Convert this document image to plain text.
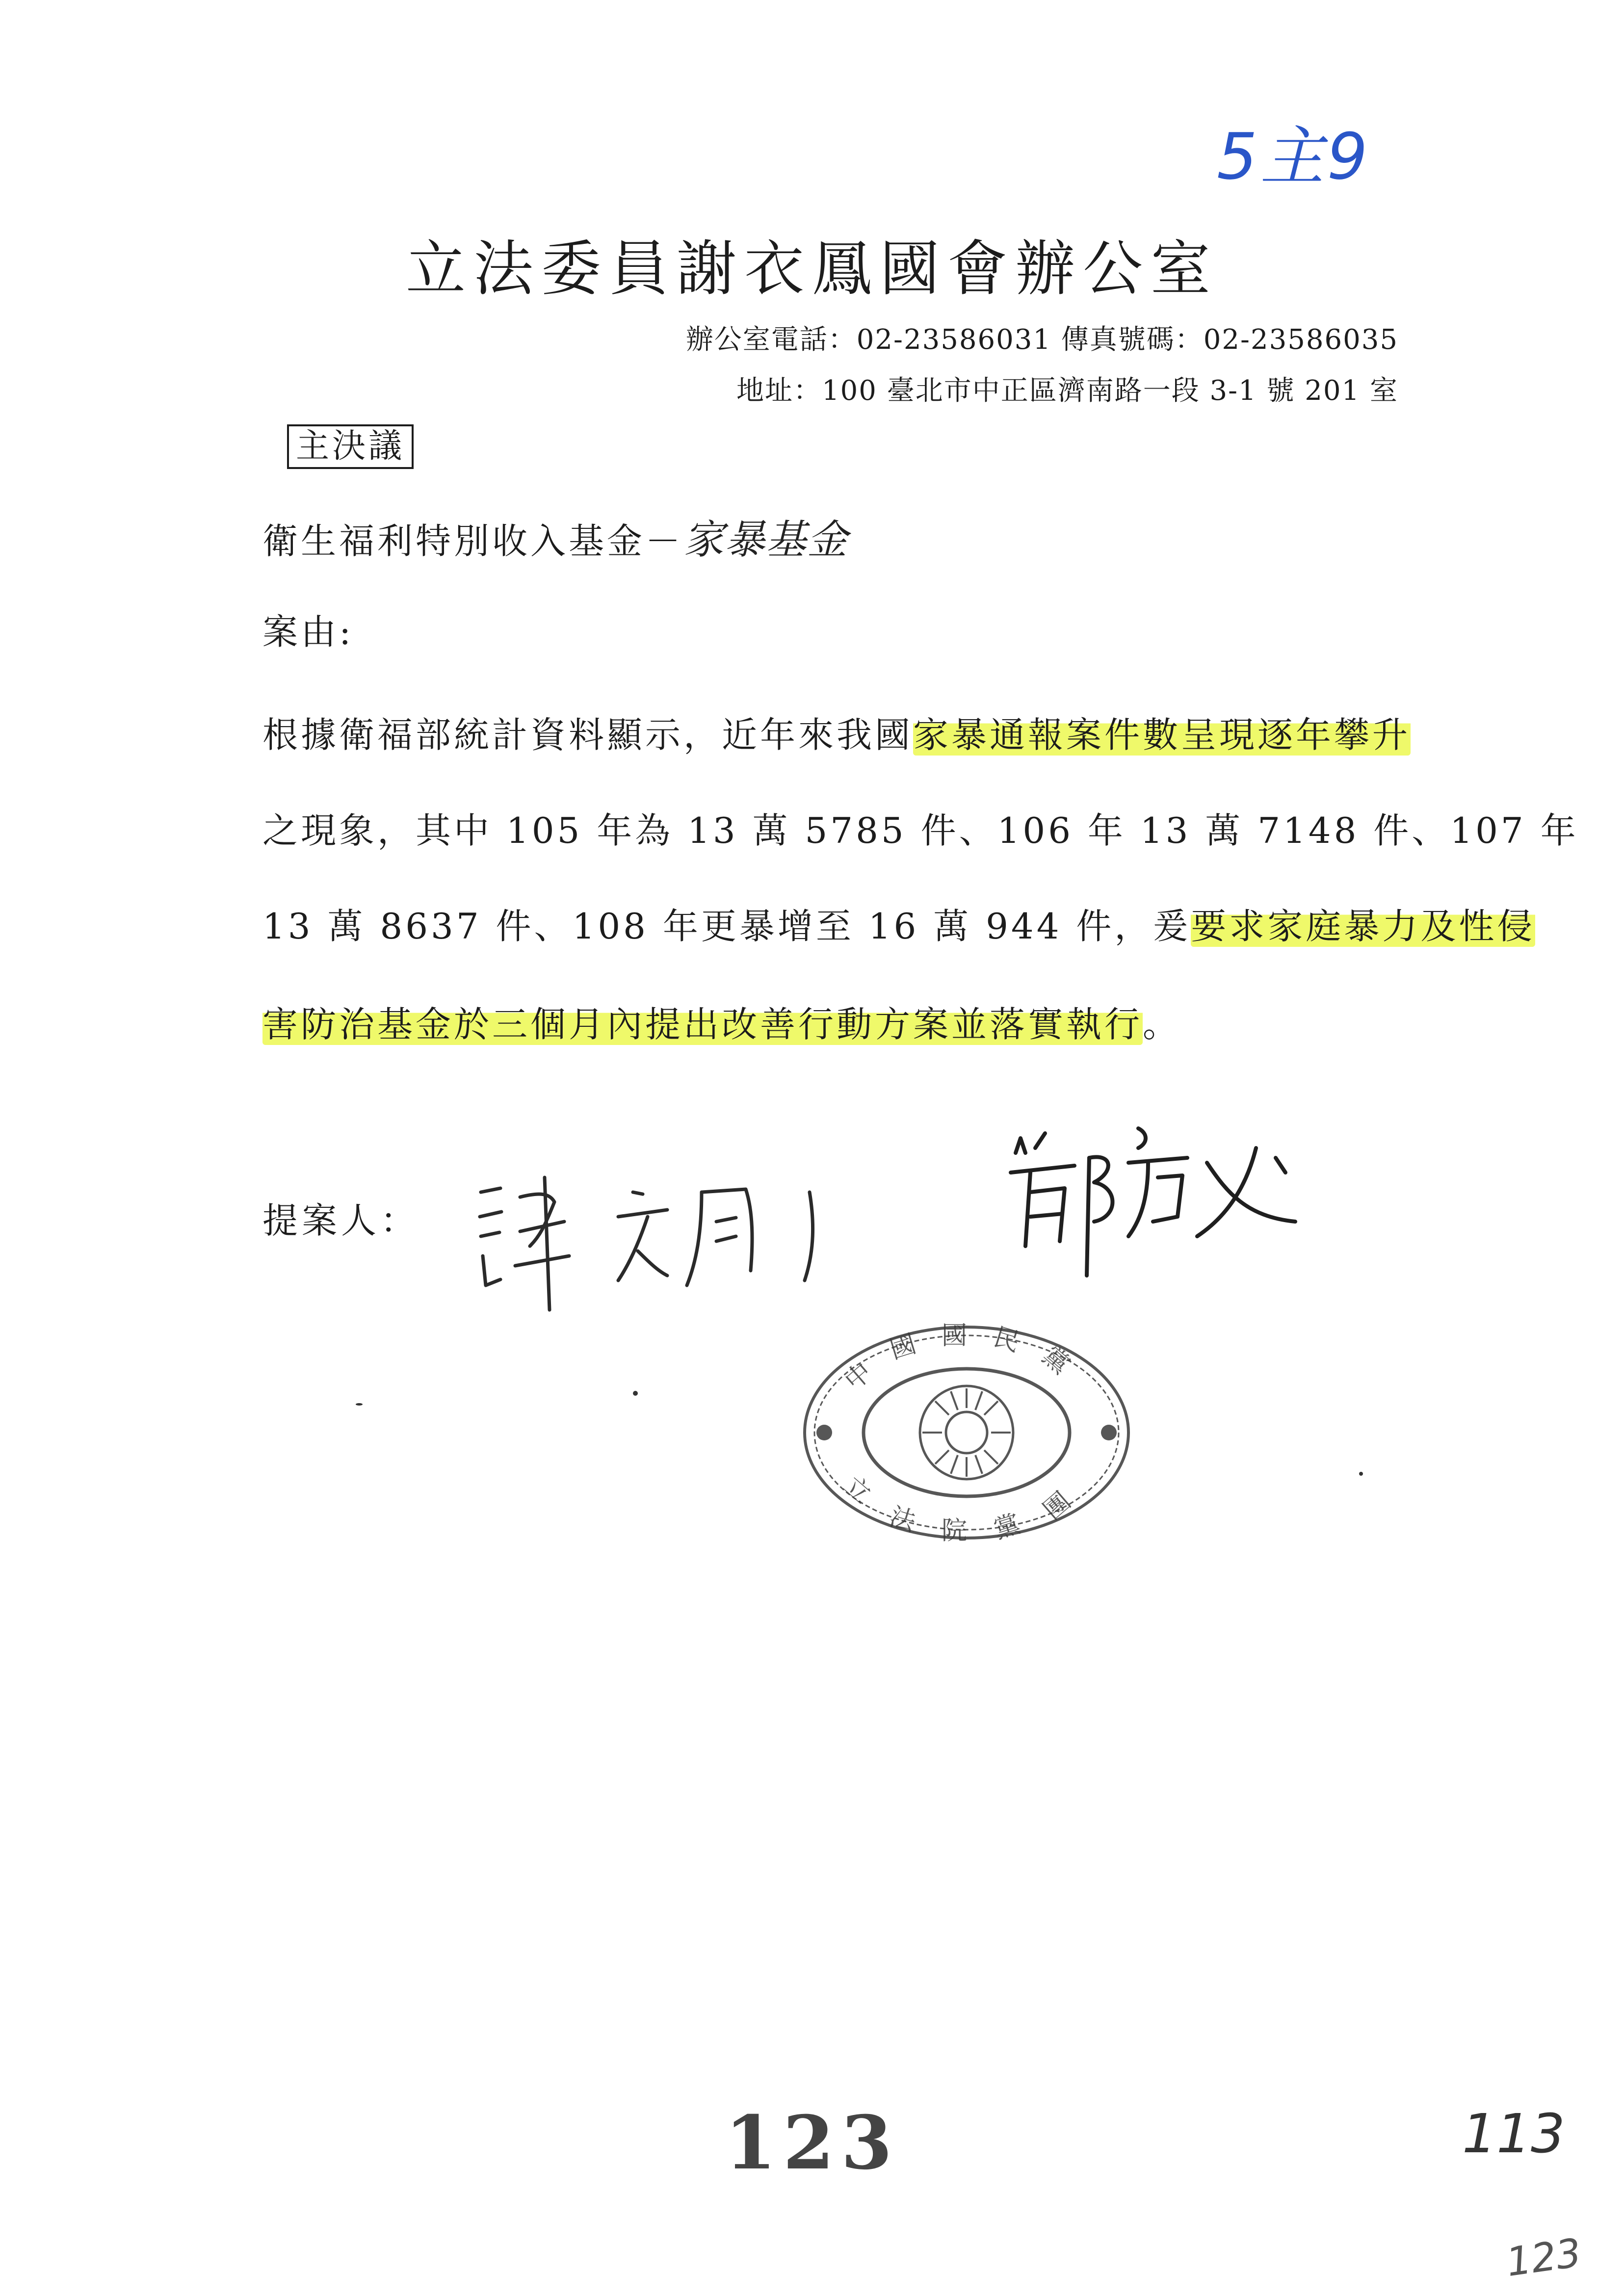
5主9
立法委員謝衣鳳國會辦公室
辦公室電話：02-23586031 傳真號碼：02-23586035
地址：100 臺北市中正區濟南路一段 3-1 號 201 室
主決議
衛生福利特別收入基金－家暴基金
案由:
根據衛福部統計資料顯示，近年來我國家暴通報案件數呈現逐年攀升
之現象，其中 105 年為 13 萬 5785 件、106 年 13 萬 7148 件、107 年
13 萬 8637 件、108 年更暴增至 16 萬 944 件，爰要求家庭暴力及性侵
害防治基金於三個月內提出改善行動方案並落實執行。
提案人：
中國國民黨
立法院黨團
123	113
123
